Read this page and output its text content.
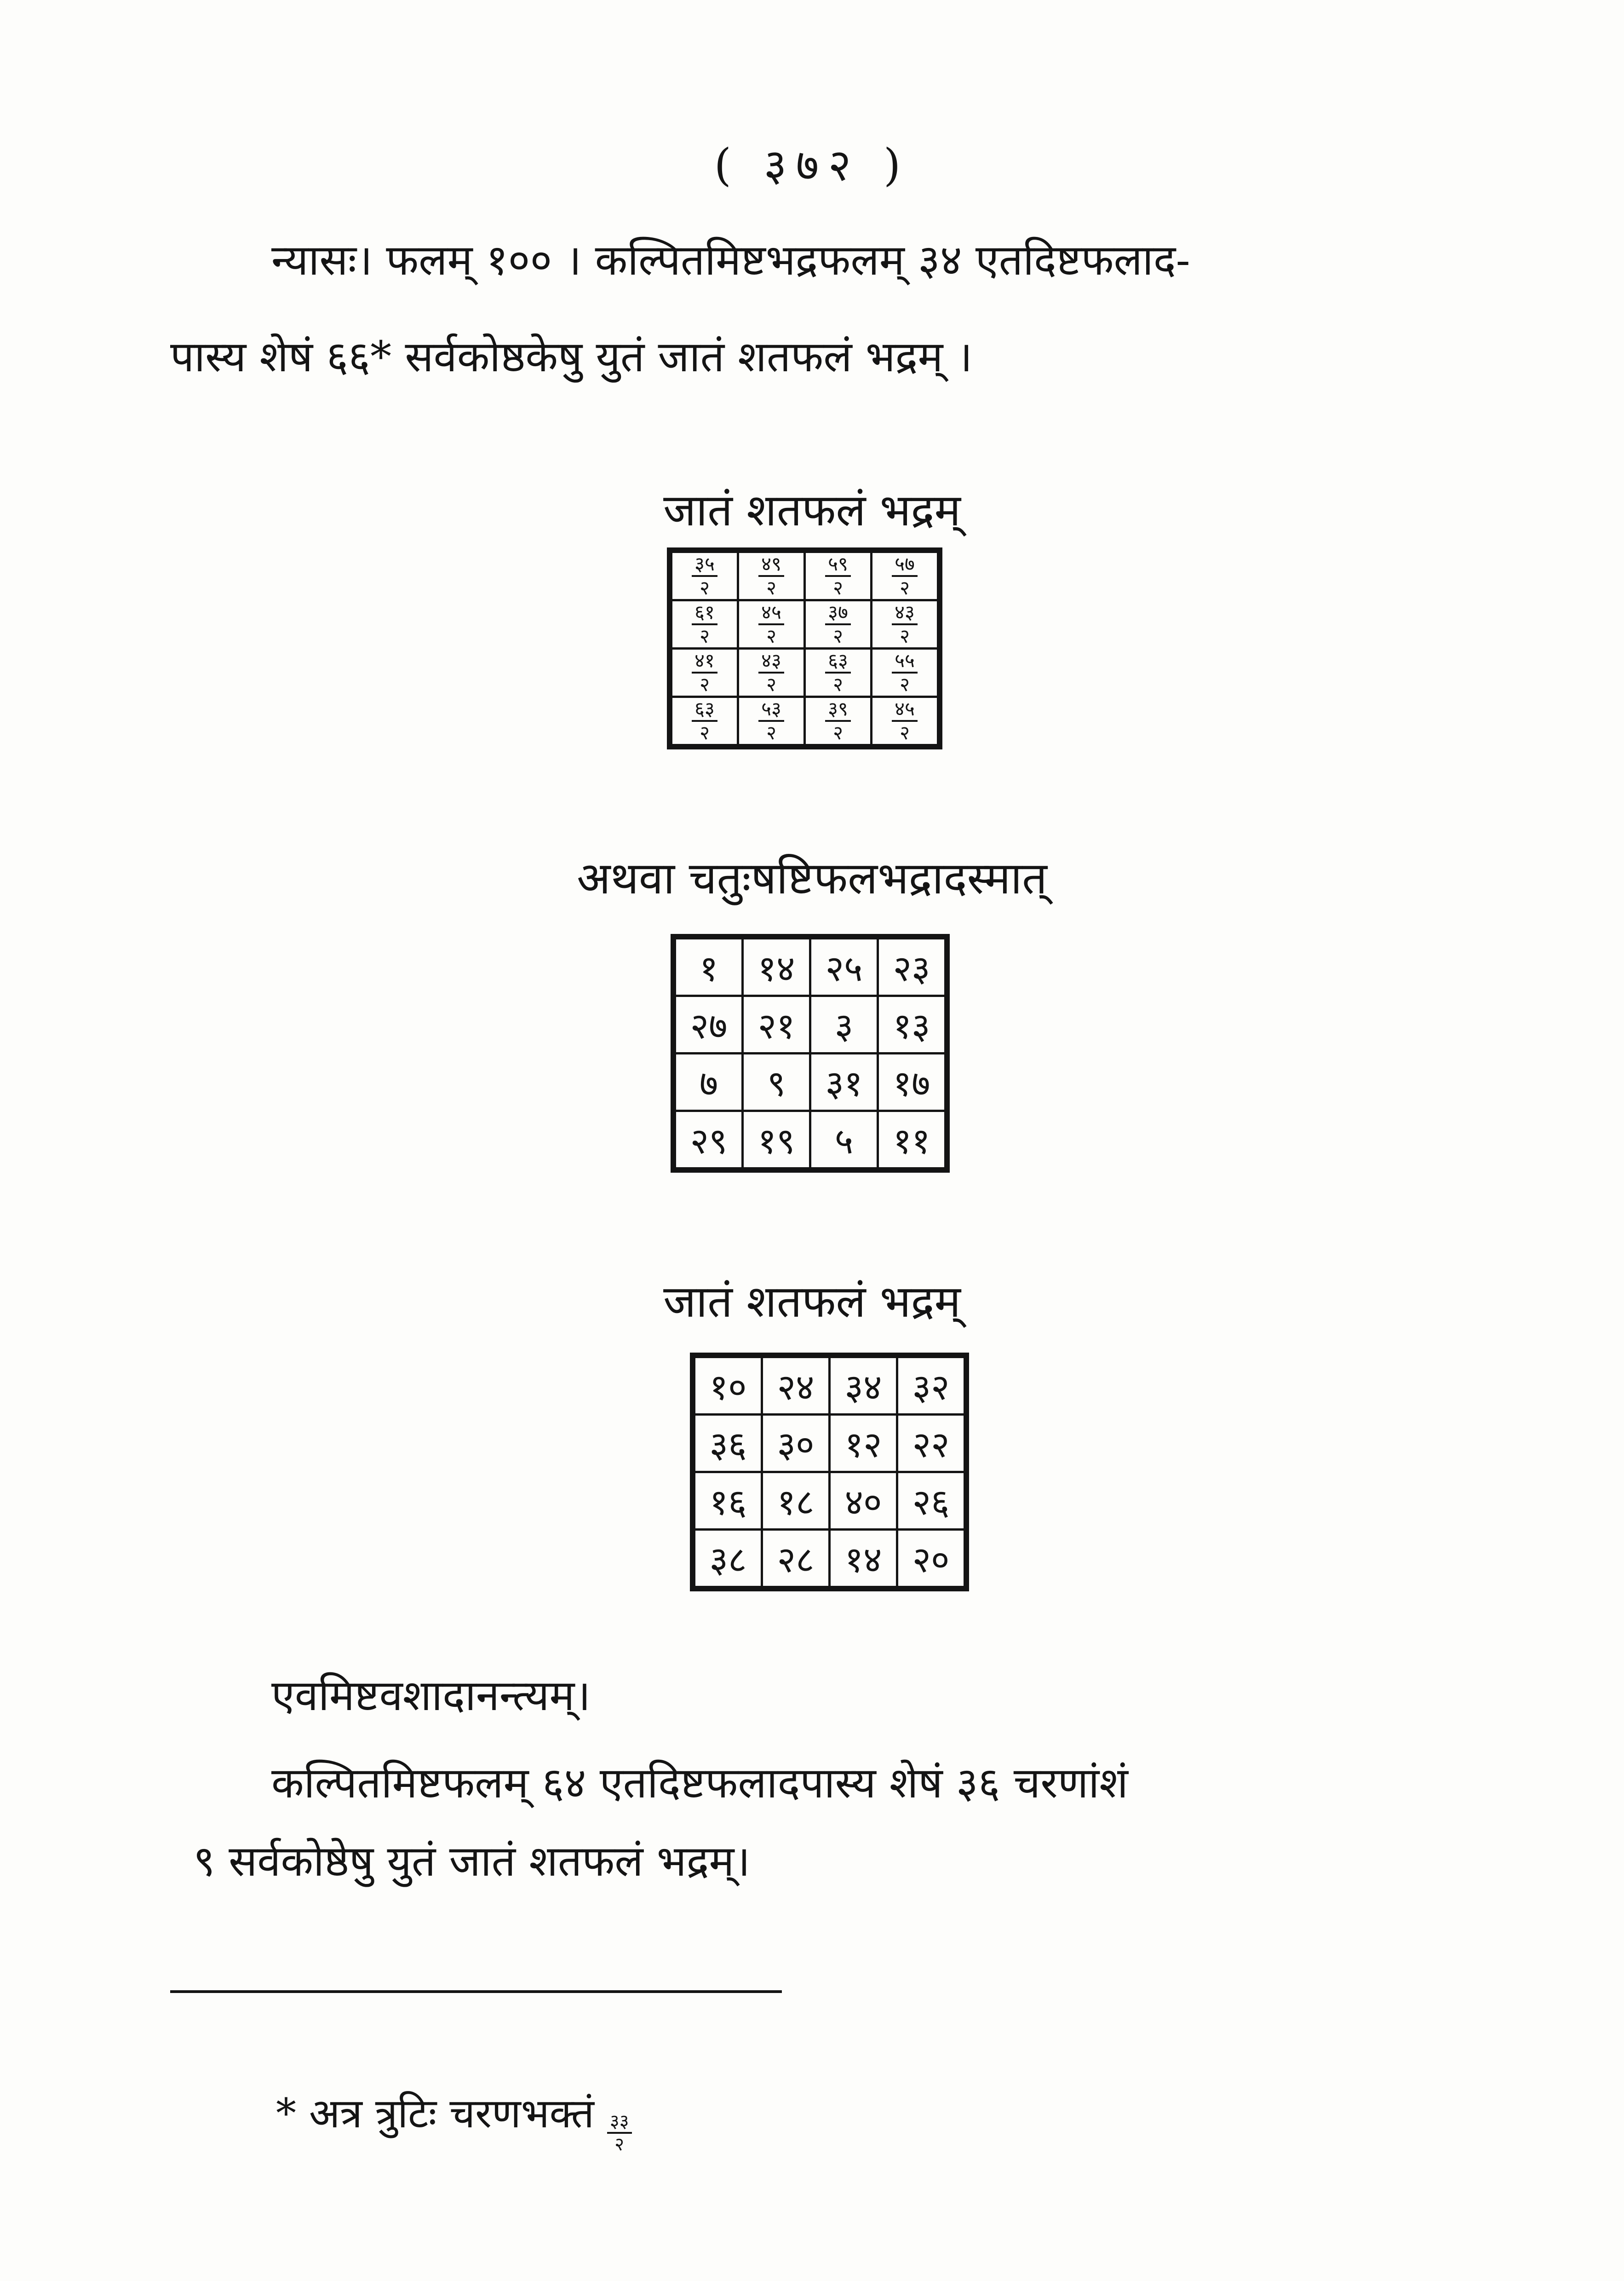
( ३७२ )
न्यासः। फलम् १०० । कल्पितमिष्टभद्रफलम् ३४ एतदिष्टफलाद-
पास्य शेषं ६६* सर्वकोष्ठकेषु युतं जातं शतफलं भद्रम् ।
जातं शतफलं भद्रम्
$\frac{३५}{२}$	$\frac{४९}{२}$	$\frac{५९}{२}$	$\frac{५७}{२}$

$\frac{६१}{२}$	$\frac{४५}{२}$	$\frac{३७}{२}$	$\frac{४३}{२}$

$\frac{४१}{२}$	$\frac{४३}{२}$	$\frac{६३}{२}$	$\frac{५५}{२}$

$\frac{६३}{२}$	$\frac{५३}{२}$	$\frac{३९}{२}$	$\frac{४५}{२}$
अथवा चतुःषष्टिफलभद्रादस्मात्
१	१४	२५	२३
२७	२१	३	१३
७	९	३१	१७
२९	१९	५	११
जातं शतफलं भद्रम्
१०	२४	३४	३२
३६	३०	१२	२२
१६	१८	४०	२६
३८	२८	१४	२०
एवमिष्टवशादानन्त्यम्।
कल्पितमिष्टफलम् ६४ एतदिष्टफलादपास्य शेषं ३६ चरणांशं
९ सर्वकोष्ठेषु युतं जातं शतफलं भद्रम्।
* अत्र त्रुटिः चरणभक्तं $\frac{३३}{२}$
